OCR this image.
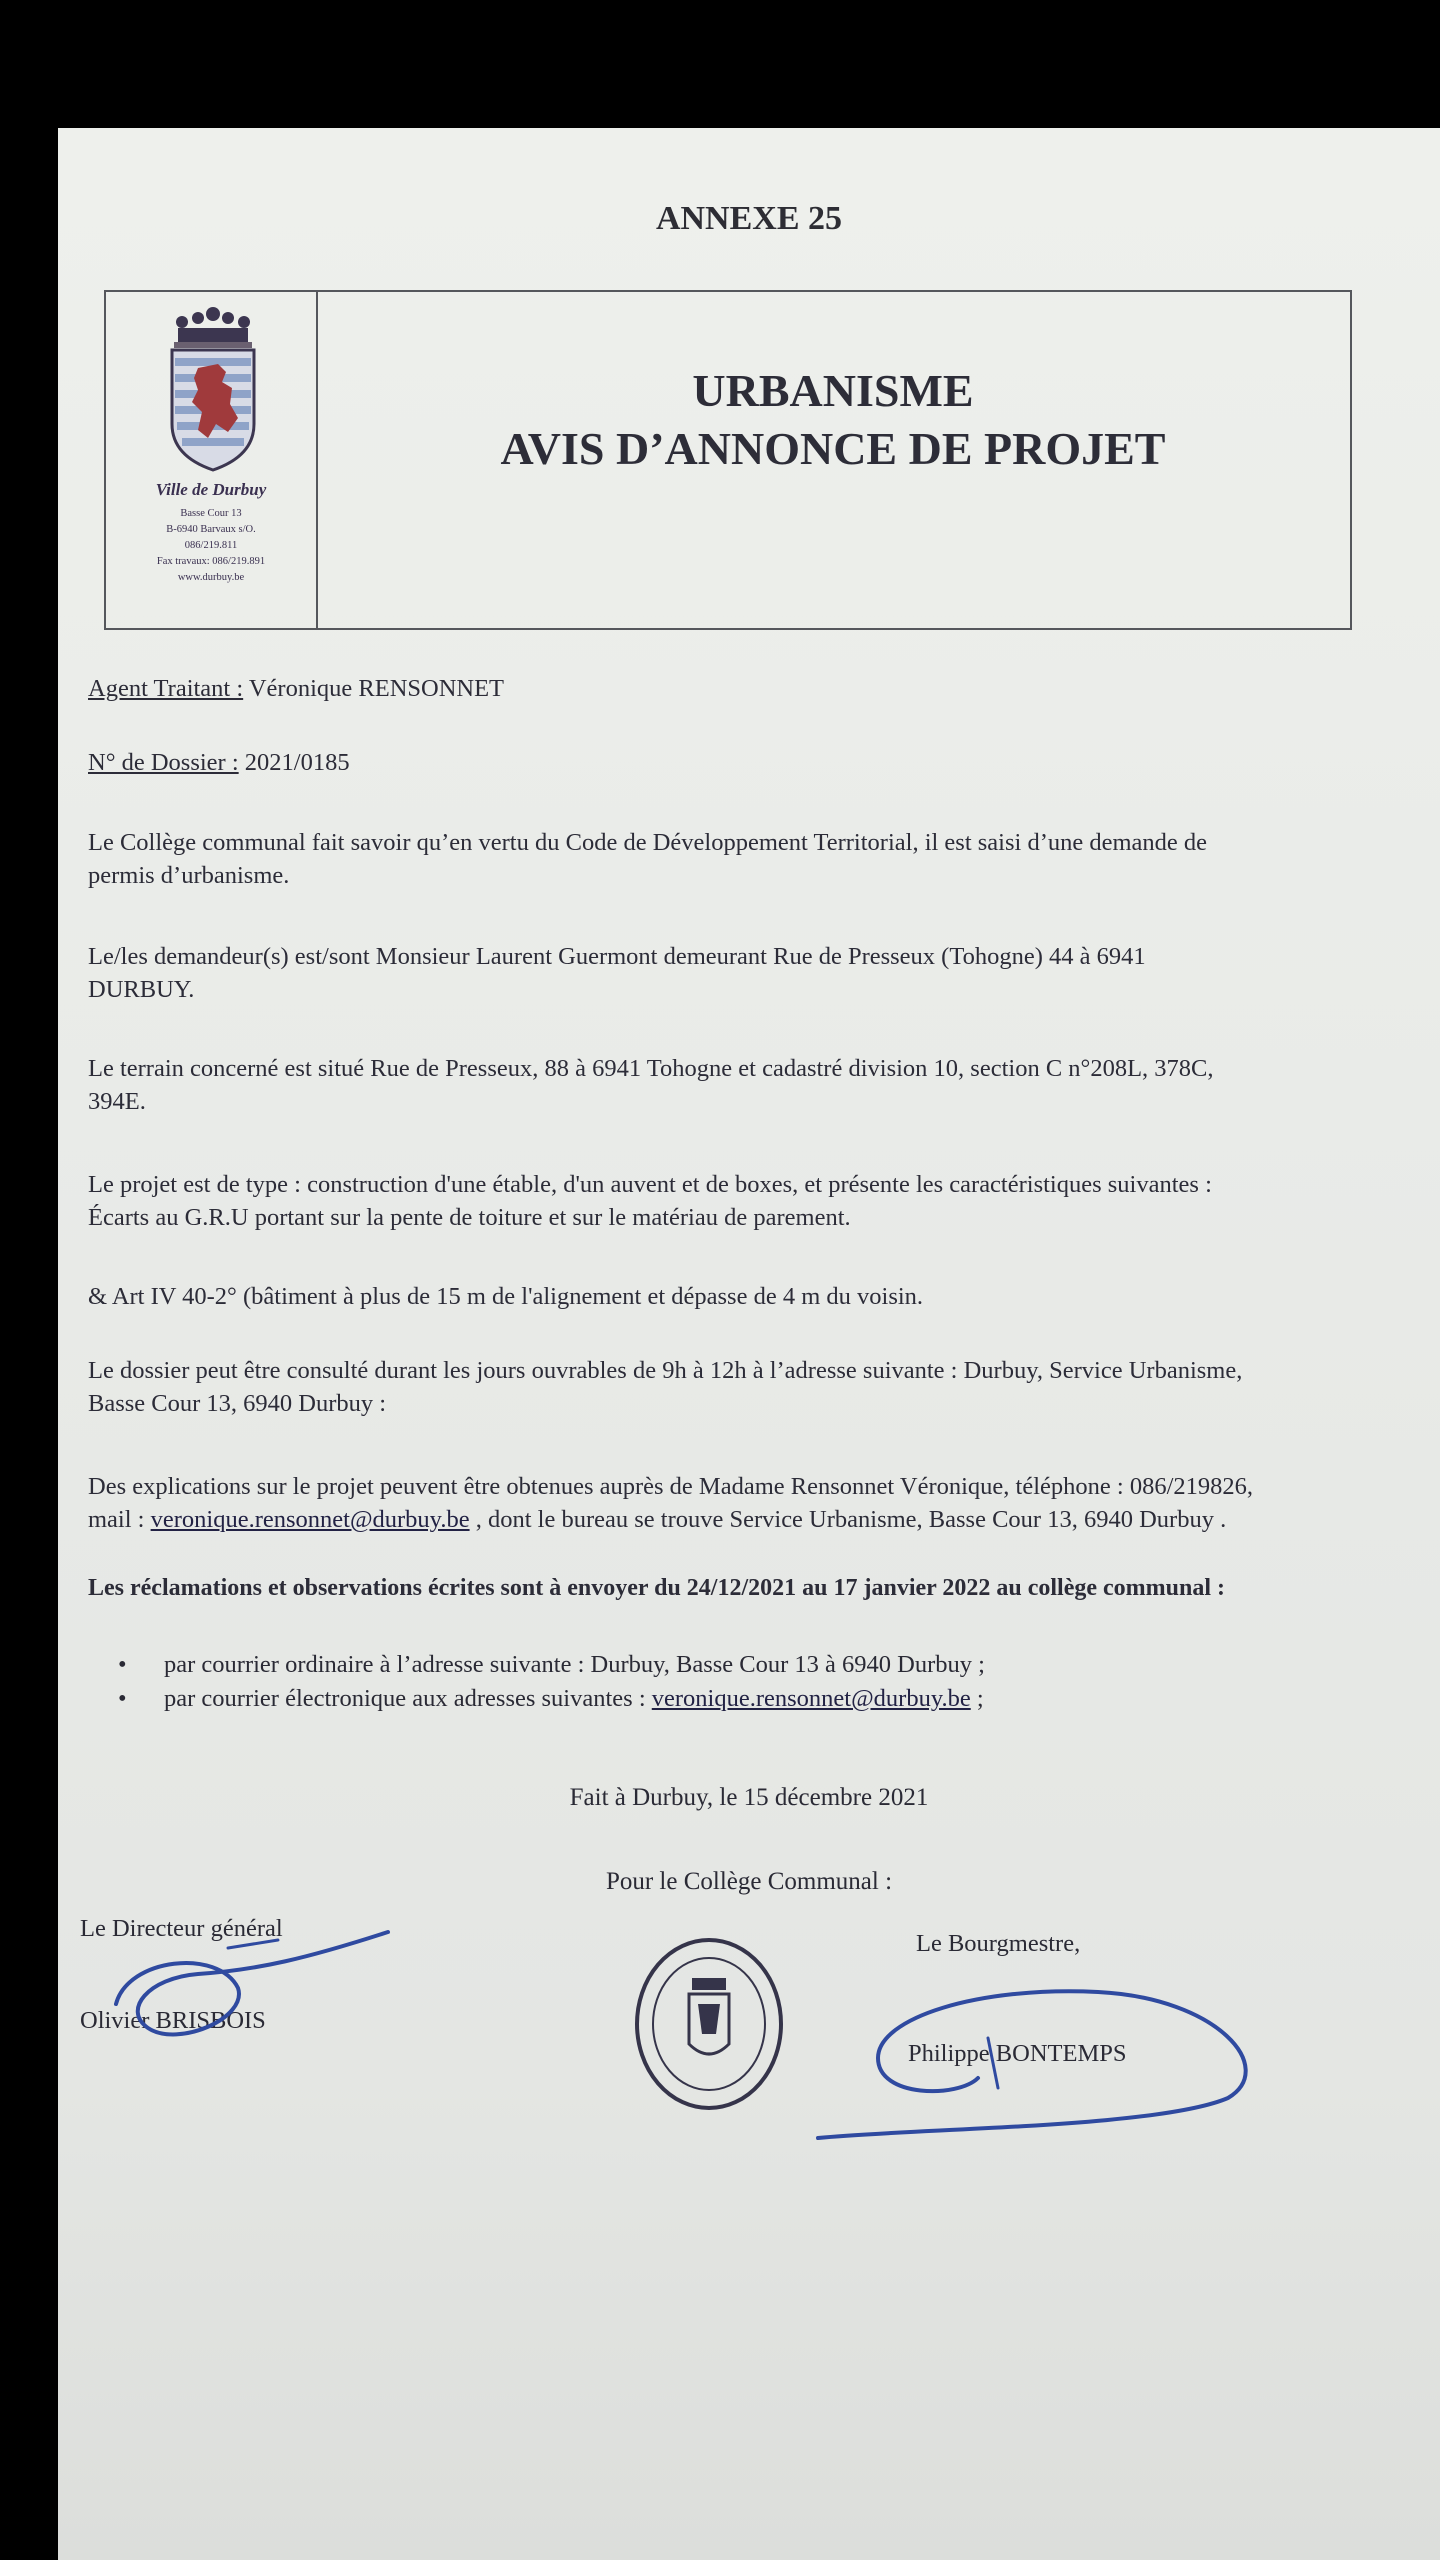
ANNEXE 25
Ville de Durbuy
Basse Cour 13
B-6940 Barvaux s/O.
086/219.811
Fax travaux: 086/219.891
www.durbuy.be
URBANISME
AVIS D’ANNONCE DE PROJET
Agent Traitant : Véronique RENSONNET
N° de Dossier : 2021/0185
Le Collège communal fait savoir qu’en vertu du Code de Développement Territorial, il est saisi d’une demande de
permis d’urbanisme.
Le/les demandeur(s) est/sont Monsieur Laurent Guermont demeurant Rue de Presseux (Tohogne) 44 à 6941
DURBUY.
Le terrain concerné est situé Rue de Presseux, 88 à 6941 Tohogne et cadastré division 10, section C n°208L, 378C,
394E.
Le projet est de type : construction d'une étable, d'un auvent et de boxes, et présente les caractéristiques suivantes :
Écarts au G.R.U portant sur la pente de toiture et sur le matériau de parement.
& Art IV 40-2° (bâtiment à plus de 15 m de l'alignement et dépasse de 4 m du voisin.
Le dossier peut être consulté durant les jours ouvrables de 9h à 12h à l’adresse suivante : Durbuy, Service Urbanisme,
Basse Cour 13, 6940 Durbuy :
Des explications sur le projet peuvent être obtenues auprès de Madame Rensonnet Véronique, téléphone : 086/219826,
mail : veronique.rensonnet@durbuy.be , dont le bureau se trouve Service Urbanisme, Basse Cour 13, 6940 Durbuy .
Les réclamations et observations écrites sont à envoyer du 24/12/2021 au 17 janvier 2022 au collège communal :
• par courrier ordinaire à l’adresse suivante : Durbuy, Basse Cour 13 à 6940 Durbuy ;
• par courrier électronique aux adresses suivantes : veronique.rensonnet@durbuy.be ;
Fait à Durbuy, le 15 décembre 2021
Pour le Collège Communal :
Le Directeur général
Olivier BRISBOIS
Le Bourgmestre,
Philippe BONTEMPS
